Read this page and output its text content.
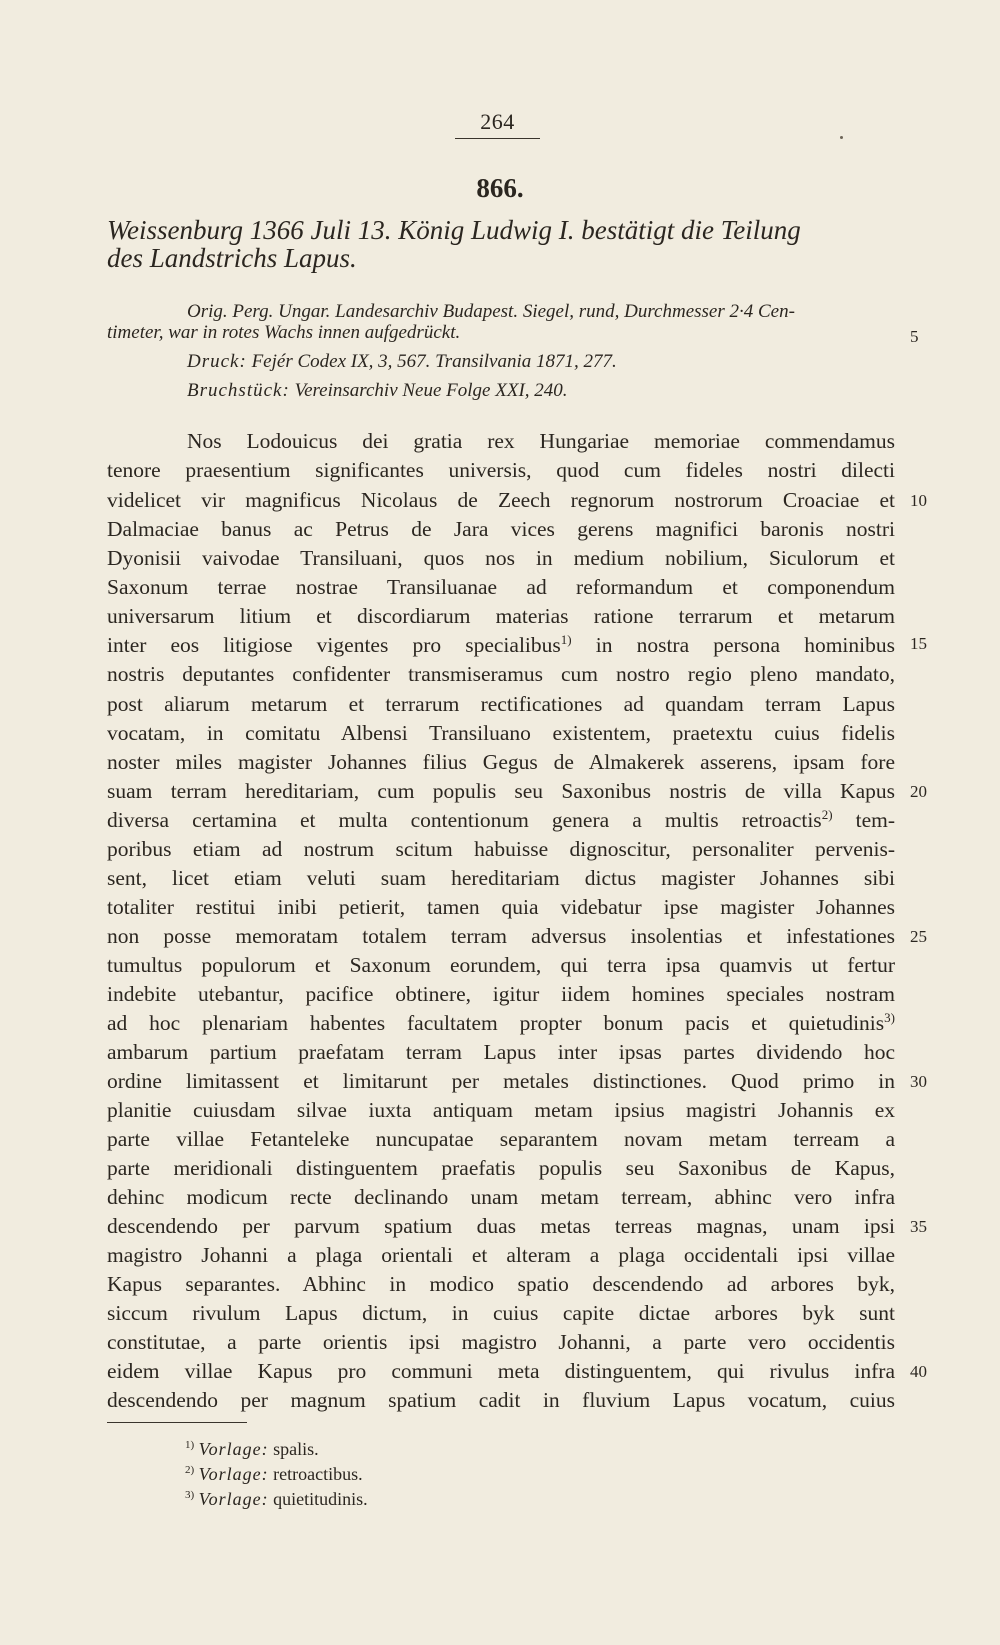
264
866.
Weissenburg 1366 Juli 13. König Ludwig I. bestätigt die Teilung
des Landstrichs Lapus.
Orig. Perg. Ungar. Landesarchiv Budapest. Siegel, rund, Durchmesser 2·4 Cen-
timeter, war in rotes Wachs innen aufgedrückt.
Druck: Fejér Codex IX, 3, 567. Transilvania 1871, 277.
Bruchstück: Vereinsarchiv Neue Folge XXI, 240.
5
10
15
20
25
30
35
40
Nos Lodouicus dei gratia rex Hungariae memoriae commendamus
tenore praesentium significantes universis, quod cum fideles nostri dilecti
videlicet vir magnificus Nicolaus de Zeech regnorum nostrorum Croaciae et
Dalmaciae banus ac Petrus de Jara vices gerens magnifici baronis nostri
Dyonisii vaivodae Transiluani, quos nos in medium nobilium, Siculorum et
Saxonum terrae nostrae Transiluanae ad reformandum et componendum
universarum litium et discordiarum materias ratione terrarum et metarum
inter eos litigiose vigentes pro specialibus$^{1)}$ in nostra persona hominibus
nostris deputantes confidenter transmiseramus cum nostro regio pleno mandato,
post aliarum metarum et terrarum rectificationes ad quandam terram Lapus
vocatam, in comitatu Albensi Transiluano existentem, praetextu cuius fidelis
noster miles magister Johannes filius Gegus de Almakerek asserens, ipsam fore
suam terram hereditariam, cum populis seu Saxonibus nostris de villa Kapus
diversa certamina et multa contentionum genera a multis retroactis$^{2)}$ tem-
poribus etiam ad nostrum scitum habuisse dignoscitur, personaliter pervenis-
sent, licet etiam veluti suam hereditariam dictus magister Johannes sibi
totaliter restitui inibi petierit, tamen quia videbatur ipse magister Johannes
non posse memoratam totalem terram adversus insolentias et infestationes
tumultus populorum et Saxonum eorundem, qui terra ipsa quamvis ut fertur
indebite utebantur, pacifice obtinere, igitur iidem homines speciales nostram
ad hoc plenariam habentes facultatem propter bonum pacis et quietudinis$^{3)}$
ambarum partium praefatam terram Lapus inter ipsas partes dividendo hoc
ordine limitassent et limitarunt per metales distinctiones. Quod primo in
planitie cuiusdam silvae iuxta antiquam metam ipsius magistri Johannis ex
parte villae Fetanteleke nuncupatae separantem novam metam terream a
parte meridionali distinguentem praefatis populis seu Saxonibus de Kapus,
dehinc modicum recte declinando unam metam terream, abhinc vero infra
descendendo per parvum spatium duas metas terreas magnas, unam ipsi
magistro Johanni a plaga orientali et alteram a plaga occidentali ipsi villae
Kapus separantes. Abhinc in modico spatio descendendo ad arbores byk,
siccum rivulum Lapus dictum, in cuius capite dictae arbores byk sunt
constitutae, a parte orientis ipsi magistro Johanni, a parte vero occidentis
eidem villae Kapus pro communi meta distinguentem, qui rivulus infra
descendendo per magnum spatium cadit in fluvium Lapus vocatum, cuius
$^{1)}$ Vorlage: spalis.
$^{2)}$ Vorlage: retroactibus.
$^{3)}$ Vorlage: quietitudinis.
